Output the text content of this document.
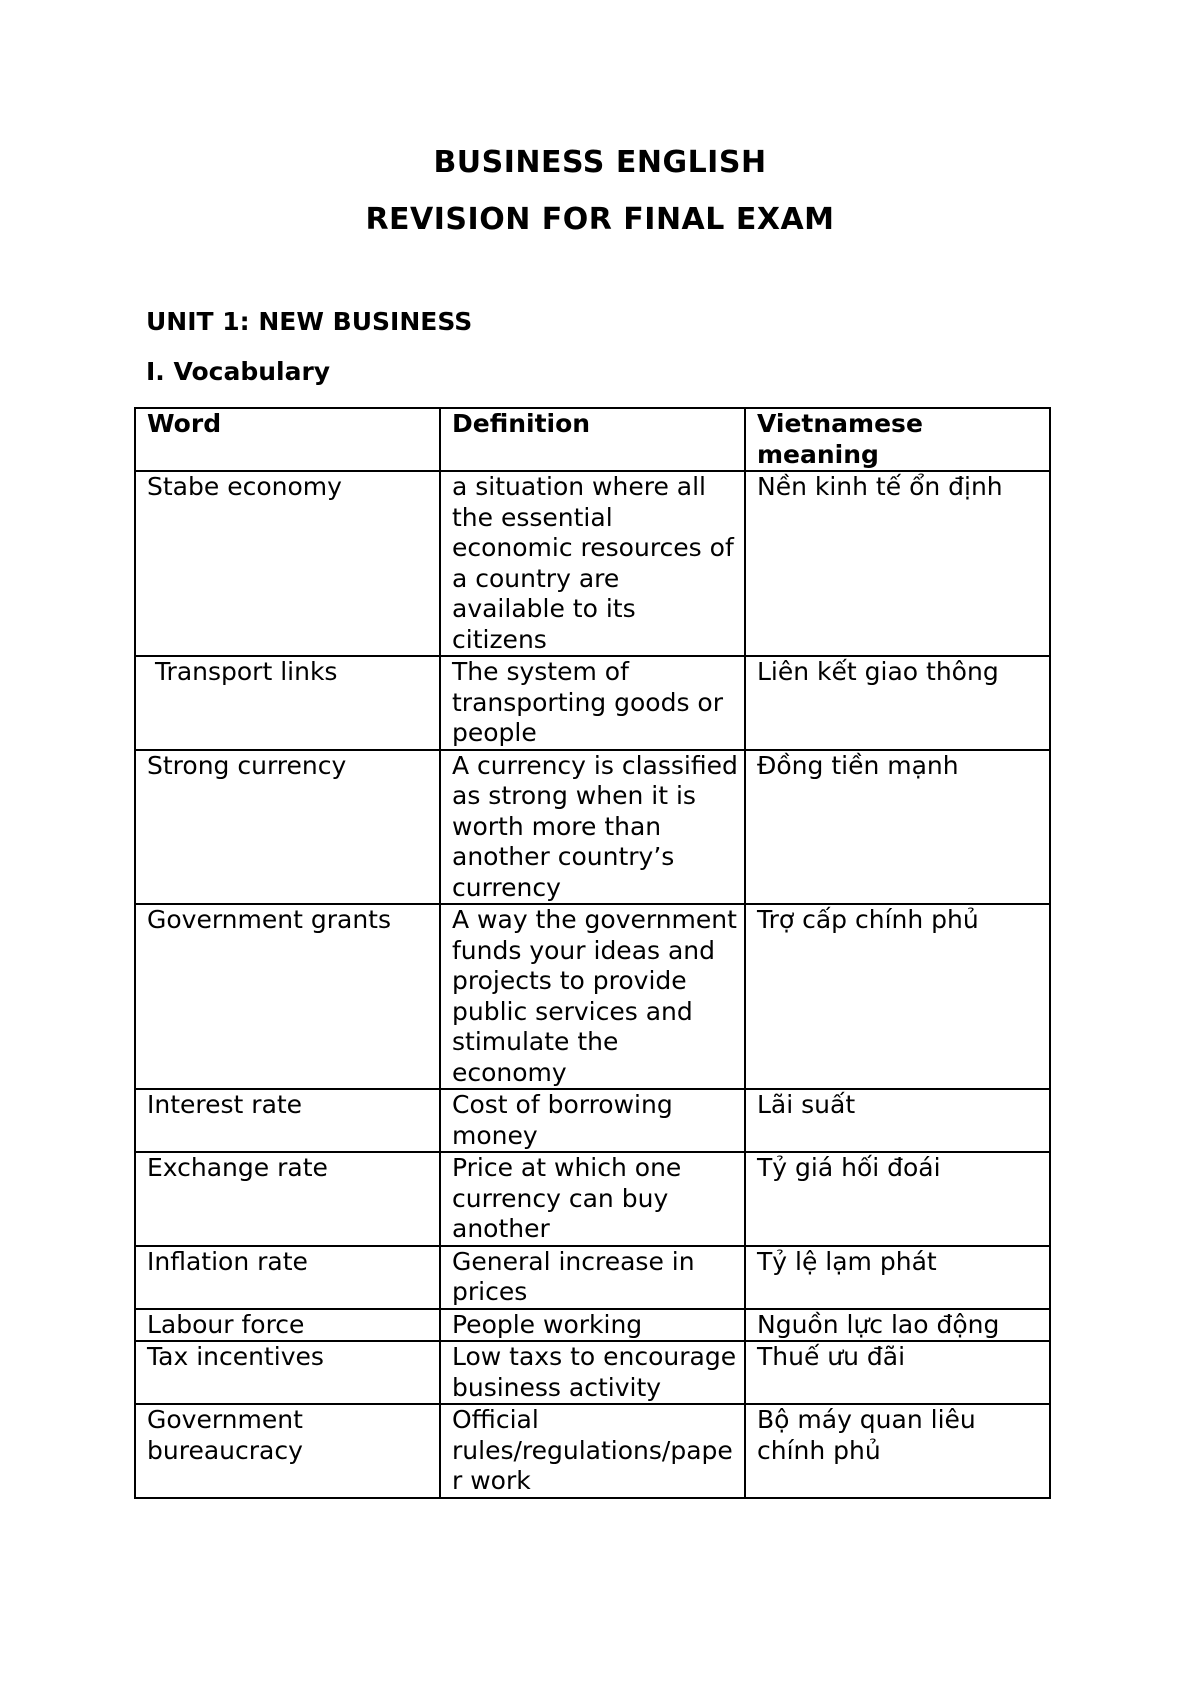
BUSINESS ENGLISH
REVISION FOR FINAL EXAM
UNIT 1: NEW BUSINESS
I. Vocabulary
Word	Definition	Vietnamese meaning
Stabe economy	a situation where all the essential economic resources of a country are available to its citizens	Nền kinh tế ổn định
Transport links	The system of transporting goods or people	Liên kết giao thông
Strong currency	A currency is classified as strong when it is worth more than another country’s currency	Đồng tiền mạnh
Government grants	A way the government funds your ideas and projects to provide public services and stimulate the economy	Trợ cấp chính phủ
Interest rate	Cost of borrowing money	Lãi suất
Exchange rate	Price at which one currency can buy another	Tỷ giá hối đoái
Inflation rate	General increase in prices	Tỷ lệ lạm phát
Labour force	People working	Nguồn lực lao động
Tax incentives	Low taxs to encourage business activity	Thuế ưu đãi
Government bureaucracy	Official rules/regulations/paper work	Bộ máy quan liêu chính phủ
